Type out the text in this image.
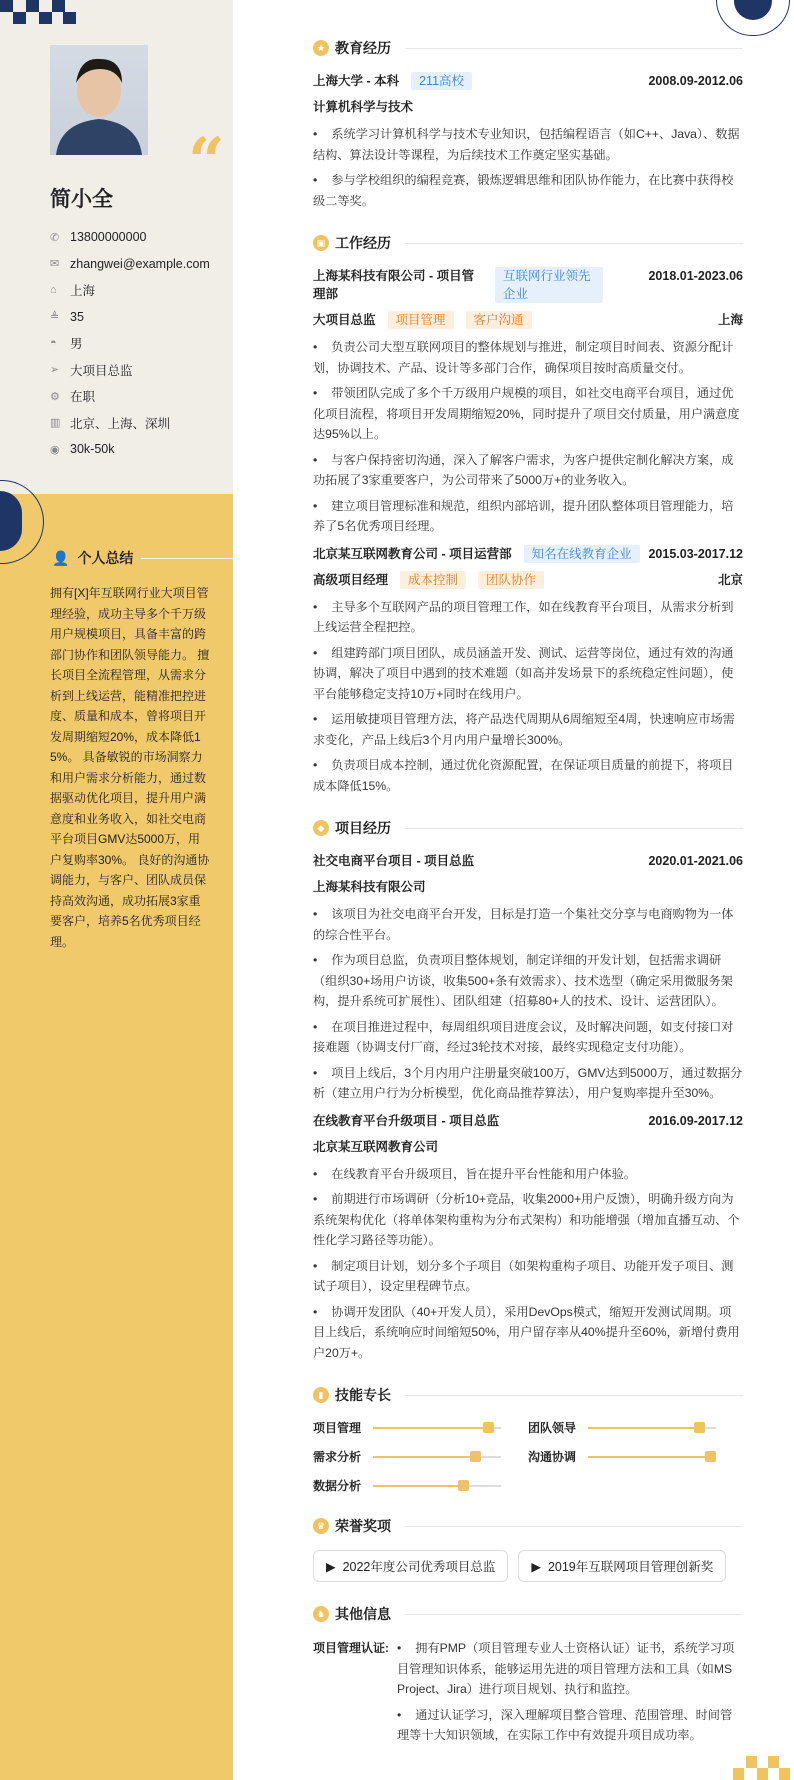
“
简小全
✆ 13800000000
✉ zhangwei@example.com
⌂	上海
≜ 35
◓	男
➢ 大项目总监
⚙ 在职
▥ 北京、上海、深圳
◉ 30k-50k
👤 个人总结
拥有[X]年互联网行业大项目管理经验，成功主导多个千万级用户规模项目，具备丰富的跨部门协作和团队领导能力。 擅长项目全流程管理，从需求分析到上线运营，能精准把控进度、质量和成本，曾将项目开发周期缩短20%，成本降低15%。 具备敏锐的市场洞察力和用户需求分析能力，通过数据驱动优化项目，提升用户满意度和业务收入，如社交电商平台项目GMV达5000万，用户复购率30%。 良好的沟通协调能力，与客户、团队成员保持高效沟通，成功拓展3家重要客户，培养5名优秀项目经理。
★ 教育经历
上海大学 - 本科	211高校	2008.09-2012.06
计算机科学与技术
• 系统学习计算机科学与技术专业知识，包括编程语言（如C++、Java）、数据结构、算法设计等课程，为后续技术工作奠定坚实基础。
• 参与学校组织的编程竞赛，锻炼逻辑思维和团队协作能力，在比赛中获得校级二等奖。
▣ 工作经历
上海某科技有限公司 - 项目管理部
互联网行业领先企业
2018.01-2023.06
大项目总监	项目管理	客户沟通	上海
• 负责公司大型互联网项目的整体规划与推进，制定项目时间表、资源分配计划，协调技术、产品、设计等多部门合作，确保项目按时高质量交付。
• 带领团队完成了多个千万级用户规模的项目，如社交电商平台项目，通过优化项目流程，将项目开发周期缩短20%，同时提升了项目交付质量，用户满意度达95%以上。
• 与客户保持密切沟通，深入了解客户需求，为客户提供定制化解决方案，成功拓展了3家重要客户，为公司带来了5000万+的业务收入。
• 建立项目管理标准和规范，组织内部培训，提升团队整体项目管理能力，培养了5名优秀项目经理。
北京某互联网教育公司 - 项目运营部	知名在线教育企业	2015.03-2017.12
高级项目经理	成本控制	团队协作	北京
• 主导多个互联网产品的项目管理工作，如在线教育平台项目，从需求分析到上线运营全程把控。
• 组建跨部门项目团队，成员涵盖开发、测试、运营等岗位，通过有效的沟通协调，解决了项目中遇到的技术难题（如高并发场景下的系统稳定性问题），使平台能够稳定支持10万+同时在线用户。
• 运用敏捷项目管理方法，将产品迭代周期从6周缩短至4周，快速响应市场需求变化，产品上线后3个月内用户量增长300%。
• 负责项目成本控制，通过优化资源配置，在保证项目质量的前提下，将项目成本降低15%。
◆ 项目经历
社交电商平台项目 - 项目总监	2020.01-2021.06
上海某科技有限公司
• 该项目为社交电商平台开发，目标是打造一个集社交分享与电商购物为一体的综合性平台。
• 作为项目总监，负责项目整体规划，制定详细的开发计划，包括需求调研（组织30+场用户访谈，收集500+条有效需求）、技术选型（确定采用微服务架构，提升系统可扩展性）、团队组建（招募80+人的技术、设计、运营团队）。
• 在项目推进过程中，每周组织项目进度会议，及时解决问题，如支付接口对接难题（协调支付厂商，经过3轮技术对接，最终实现稳定支付功能）。
• 项目上线后，3个月内用户注册量突破100万，GMV达到5000万，通过数据分析（建立用户行为分析模型，优化商品推荐算法），用户复购率提升至30%。
在线教育平台升级项目 - 项目总监	2016.09-2017.12
北京某互联网教育公司
• 在线教育平台升级项目，旨在提升平台性能和用户体验。
• 前期进行市场调研（分析10+竞品，收集2000+用户反馈），明确升级方向为系统架构优化（将单体架构重构为分布式架构）和功能增强（增加直播互动、个性化学习路径等功能）。
• 制定项目计划，划分多个子项目（如架构重构子项目、功能开发子项目、测试子项目），设定里程碑节点。
• 协调开发团队（40+开发人员），采用DevOps模式，缩短开发测试周期。项目上线后，系统响应时间缩短50%，用户留存率从40%提升至60%，新增付费用户20万+。
▮ 技能专长
项目管理	团队领导
需求分析	沟通协调
数据分析
♛ 荣誉奖项
▶  2022年度公司优秀项目总监	▶  2019年互联网项目管理创新奖
♞ 其他信息
项目管理认证:	• 拥有PMP（项目管理专业人士资格认证）证书，系统学习项目管理知识体系，能够运用先进的项目管理方法和工具（如MS Project、Jira）进行项目规划、执行和监控。
• 通过认证学习，深入理解项目整合管理、范围管理、时间管理等十大知识领域，在实际工作中有效提升项目成功率。
